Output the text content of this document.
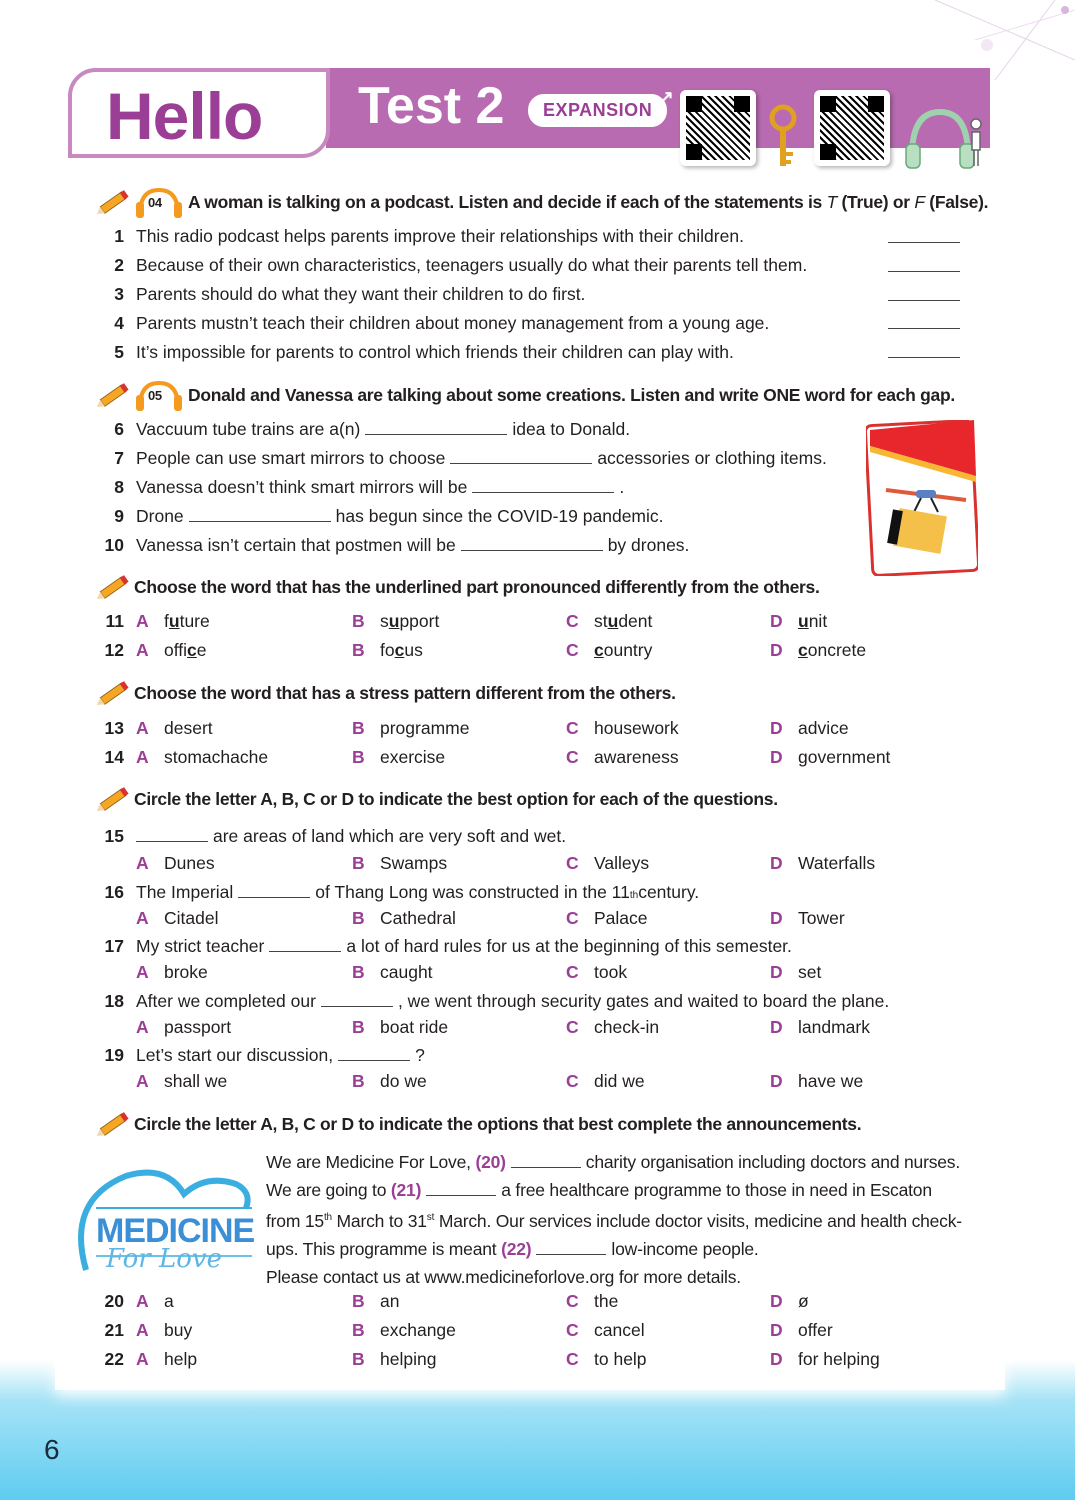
Hello Test 2	EXPANSION
↗
04 A woman is talking on a podcast. Listen and decide if each of the statements is T (True) or F (False).
1 This radio podcast helps parents improve their relationships with their children.
2 Because of their own characteristics, teenagers usually do what their parents tell them.
3 Parents should do what they want their children to do first.
4 Parents mustn’t teach their children about money management from a young age.
5 It’s impossible for parents to control which friends their children can play with.
05 Donald and Vanessa are talking about some creations. Listen and write ONE word for each gap.
6 Vaccuum tube trains are a(n)	idea to Donald.
7 People can use smart mirrors to choose	accessories or clothing items.
8 Vanessa doesn’t think smart mirrors will be	.
9 Drone	has begun since the COVID-19 pandemic.
10 Vanessa isn’t certain that postmen will be	by drones.
Choose the word that has the underlined part pronounced differently from the others.
11 A f u ture	B s u pport	C st u dent	D u nit
12 A offi c e	B fo c us	C c ountry	D c oncrete
Choose the word that has a stress pattern different from the others.
13 A desert	B programme	C housework	D advice
14 A stomachache	B exercise	C awareness	D government
Circle the letter A, B, C or D to indicate the best option for each of the questions.
15	are areas of land which are very soft and wet.
A Dunes	B Swamps	C Valleys	D Waterfalls
16 The Imperial	of Thang Long was constructed in the 11 th century.
A Citadel	B Cathedral	C Palace	D Tower
17 My strict teacher	a lot of hard rules for us at the beginning of this semester.
A broke	B caught	C took	D set
18 After we completed our	, we went through security gates and waited to board the plane.
A passport	B boat ride	C check-in	D landmark
19 Let’s start our discussion,	?
A shall we	B do we	C did we	D have we
Circle the letter A, B, C or D to indicate the options that best complete the announcements.
MEDICINE
For Love
We are Medicine For Love, (20)	charity organisation including doctors and nurses.
We are going to (21)	a free healthcare programme to those in need in Escaton
from 15th March to 31st March. Our services include doctor visits, medicine and health check-
ups. This programme is meant (22)	low-income people.
Please contact us at www.medicineforlove.org for more details.
20 A a	B an	C the	D ø
21 A buy	B exchange	C cancel	D offer
22 A help	B helping	C to help	D for helping
6
